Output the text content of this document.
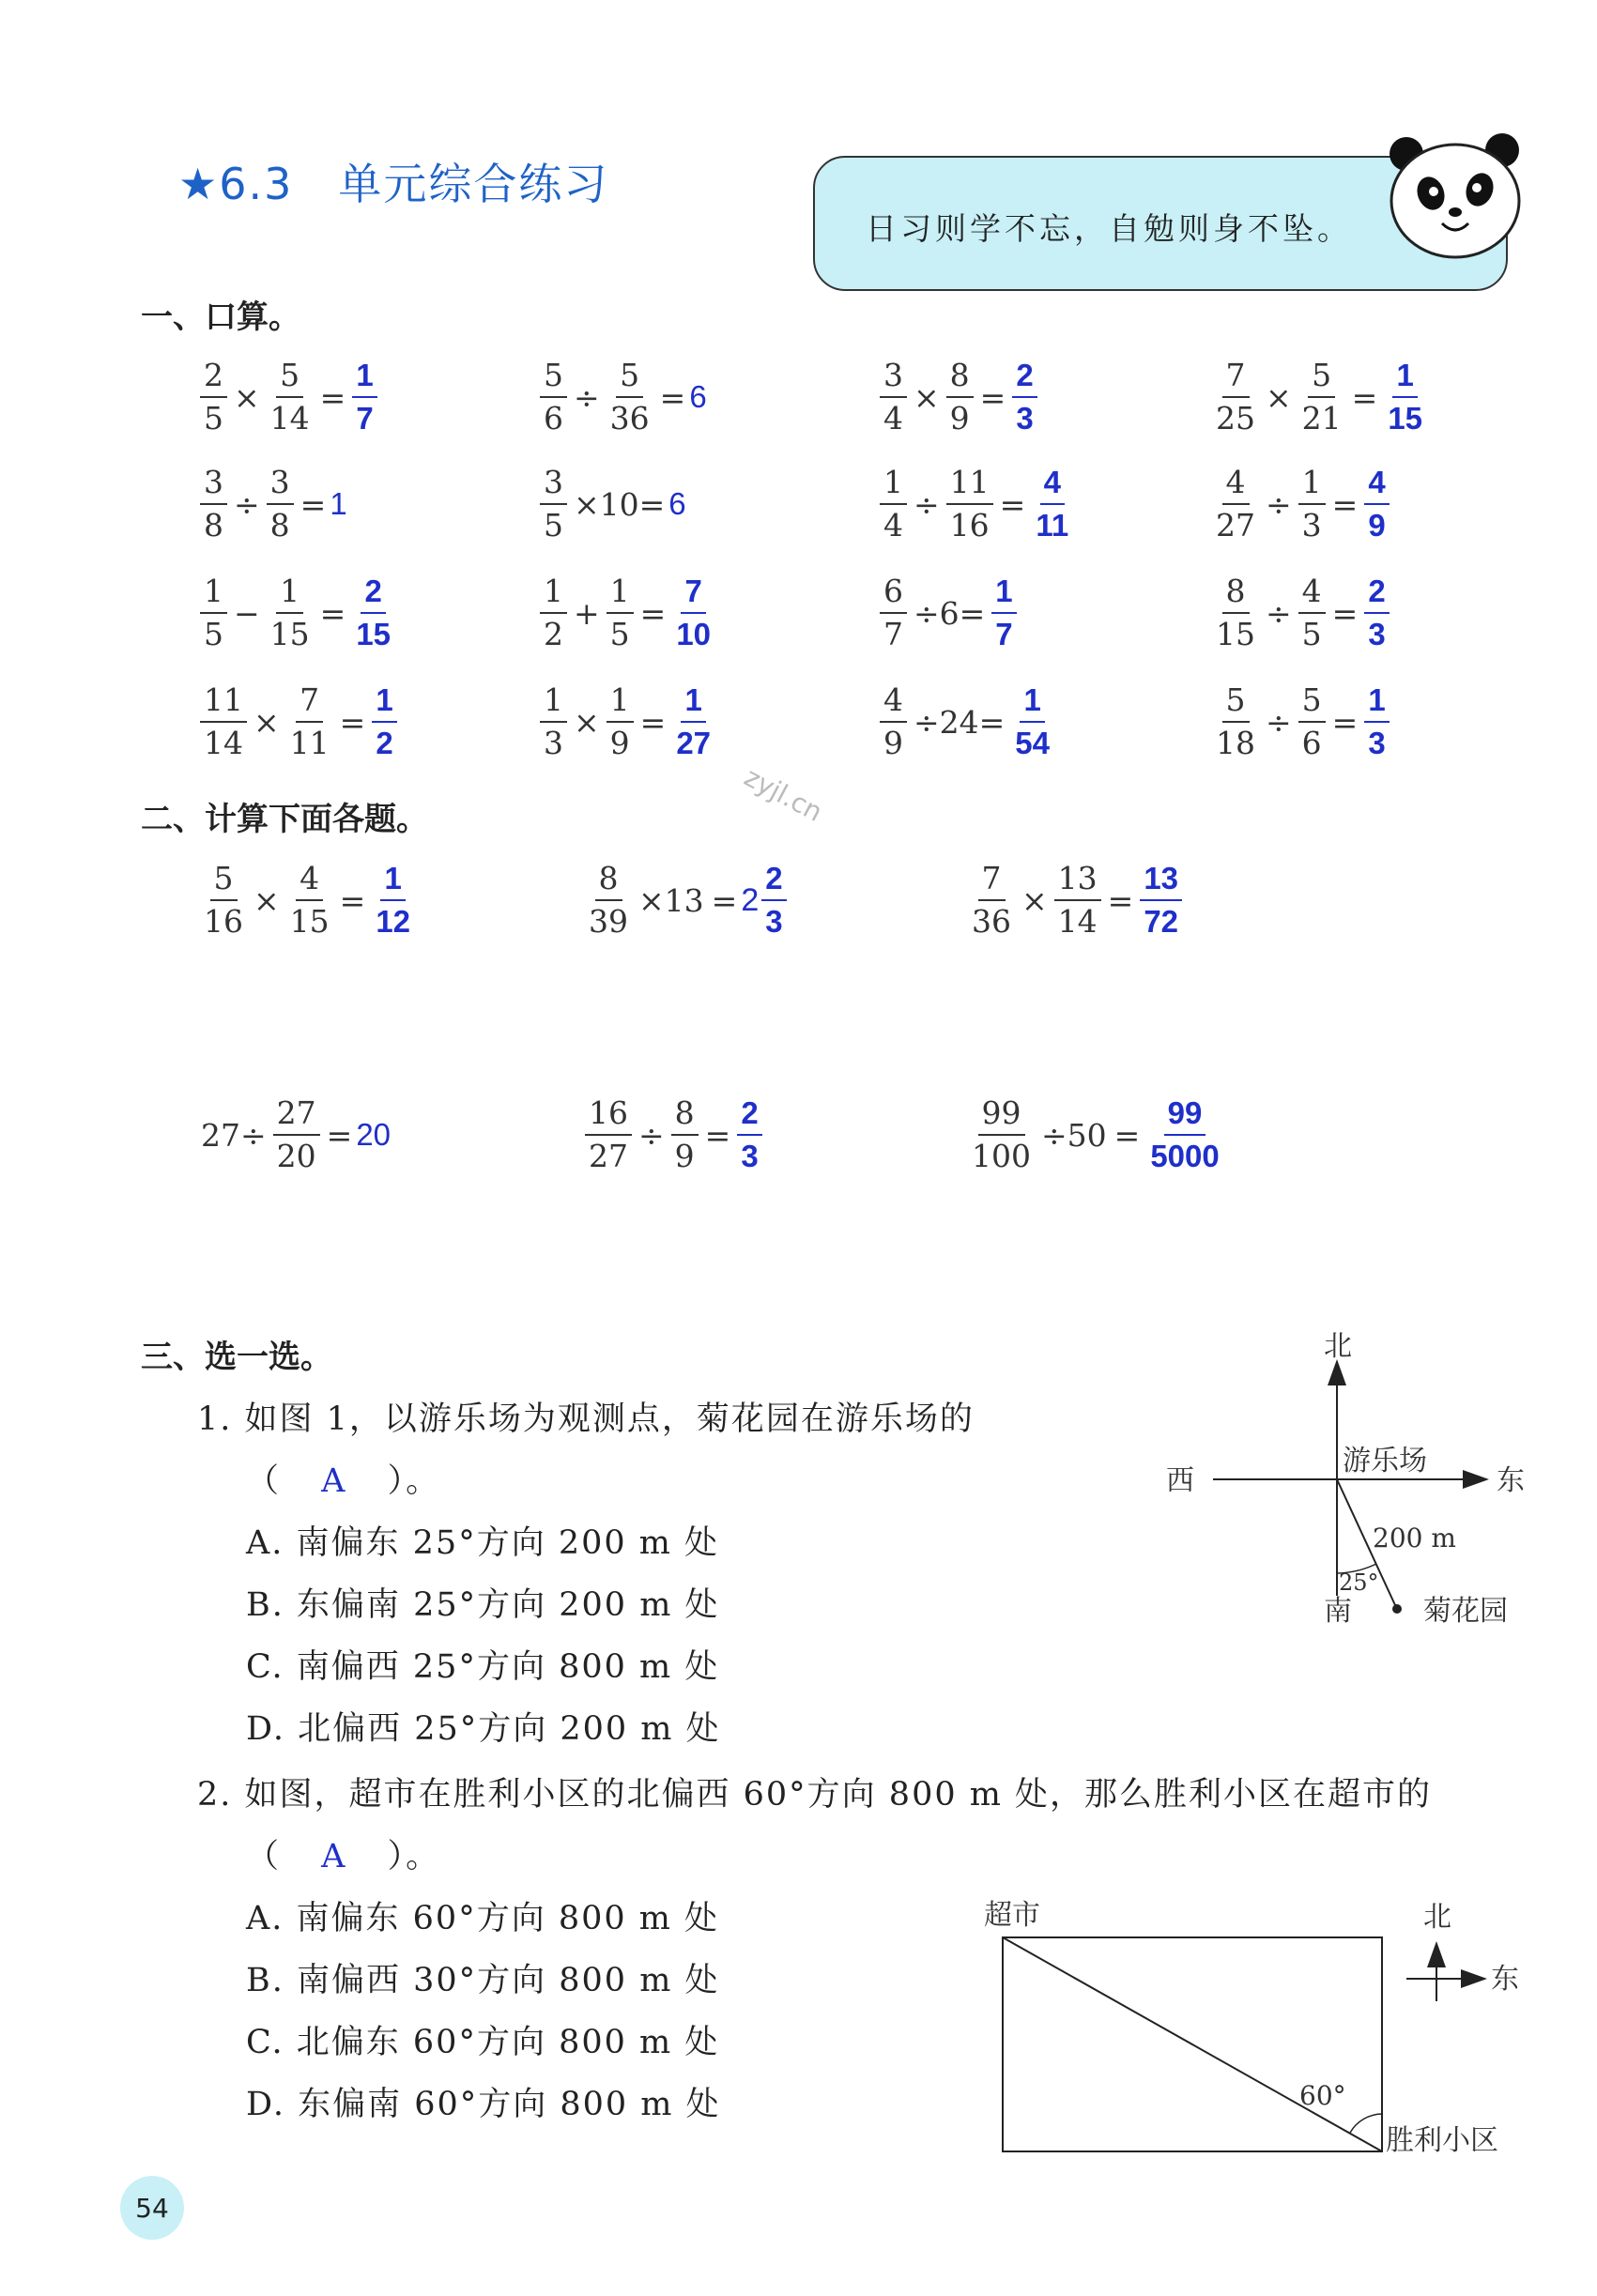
★6.3　单元综合练习
日习则学不忘，自勉则身不坠。
一、口算。
$\frac{2}{5} \times \frac{5}{14} = \frac{1}{7}$	$\frac{5}{6} \div \frac{5}{36} = 6$	$\frac{3}{4} \times \frac{8}{9} = \frac{2}{3}$	$\frac{7}{25} \times \frac{5}{21} = \frac{1}{15}$
$\frac{3}{8} \div \frac{3}{8} = 1$	$\frac{3}{5} \times 10= 6$	$\frac{1}{4} \div \frac{11}{16} = \frac{4}{11}$	$\frac{4}{27} \div \frac{1}{3} = \frac{4}{9}$
$\frac{1}{5} - \frac{1}{15} = \frac{2}{15}$	$\frac{1}{2} + \frac{1}{5} = \frac{7}{10}$	$\frac{6}{7} \div 6= \frac{1}{7}$	$\frac{8}{15} \div \frac{4}{5} = \frac{2}{3}$
$\frac{11}{14} \times \frac{7}{11} = \frac{1}{2}$	$\frac{1}{3} \times \frac{1}{9} = \frac{1}{27}$	$\frac{4}{9} \div 24= \frac{1}{54}$	$\frac{5}{18} \div \frac{5}{6} = \frac{1}{3}$
二、计算下面各题。
$\frac{5}{16} \times \frac{4}{15} = \frac{1}{12}$	$\frac{8}{39} \times 13 = 2 \frac{2}{3}$	$\frac{7}{36} \times \frac{13}{14} = \frac{13}{72}$
$27\div \frac{27}{20} = 20$	$\frac{16}{27} \div \frac{8}{9} = \frac{2}{3}$	$\frac{99}{100} \div 50 = \frac{99}{5000}$
zyjl.cn
三、选一选。
1. 如图 1，以游乐场为观测点，菊花园在游乐场的
（ A ）。
A. 南偏东 25°方向 200 m 处
B. 东偏南 25°方向 200 m 处
C. 南偏西 25°方向 800 m 处
D. 北偏西 25°方向 200 m 处
北
南
西	东
游乐场
200 m
25°
菊花园
2. 如图，超市在胜利小区的北偏西 60°方向 800 m 处，那么胜利小区在超市的
（ A ）。
A. 南偏东 60°方向 800 m 处
B. 南偏西 30°方向 800 m 处
C. 北偏东 60°方向 800 m 处
D. 东偏南 60°方向 800 m 处
超市
60°
胜利小区
北
东
54
